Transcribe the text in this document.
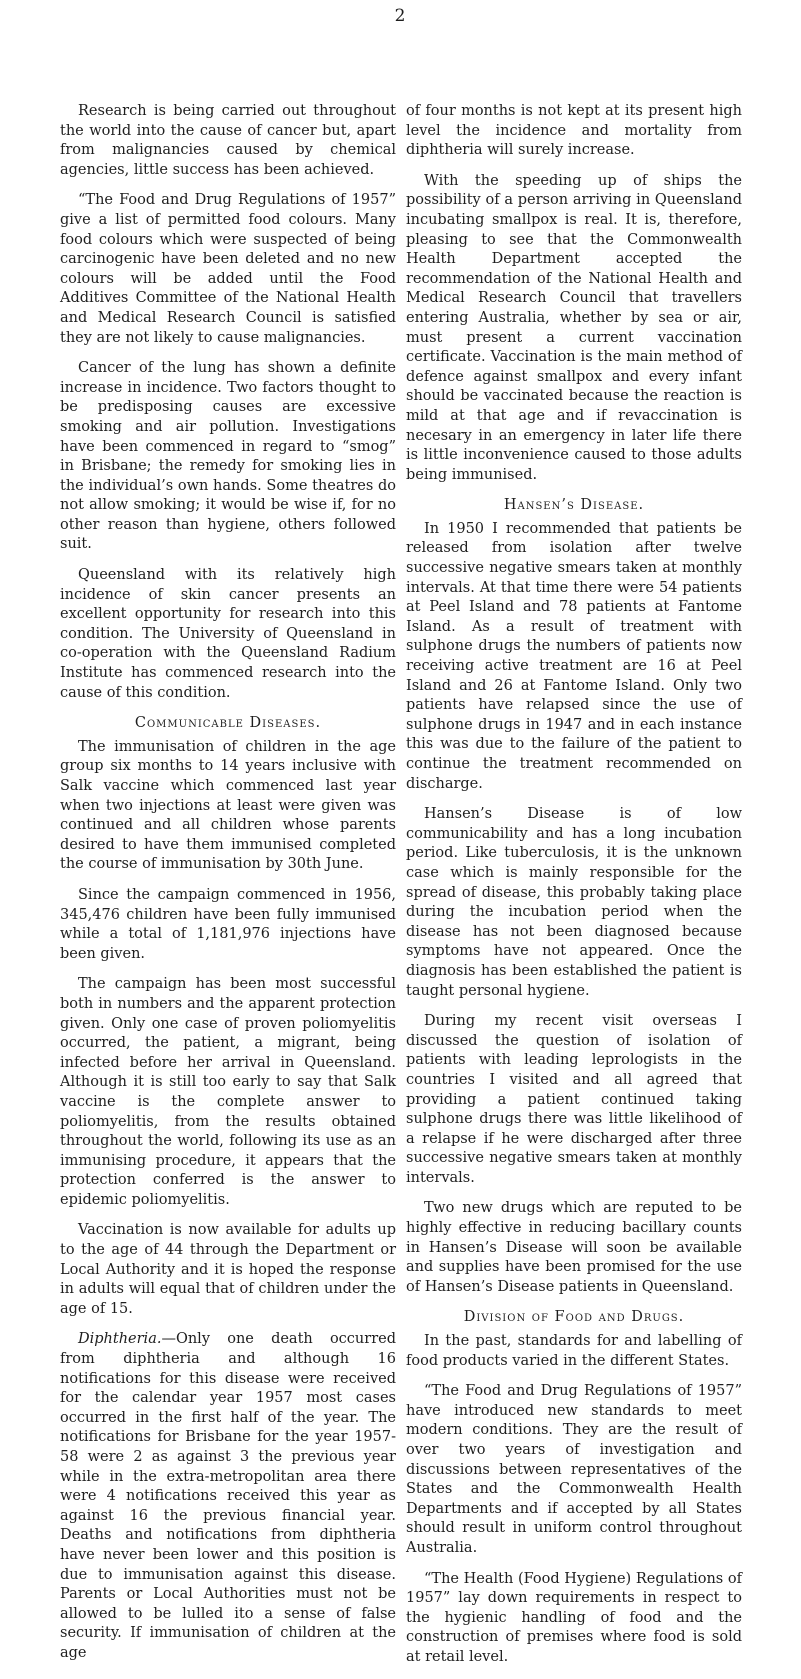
2

Research is being carried out throughout the world into the cause of cancer but, apart from malignancies caused by chemical agencies, little success has been achieved.

“The Food and Drug Regulations of 1957” give a list of permitted food colours. Many food colours which were suspected of being carcinogenic have been deleted and no new colours will be added until the Food Additives Committee of the National Health and Medical Research Council is satisfied they are not likely to cause malignancies.

Cancer of the lung has shown a definite increase in incidence. Two factors thought to be predisposing causes are excessive smoking and air pollution. Investigations have been commenced in regard to “smog” in Brisbane; the remedy for smoking lies in the individual’s own hands. Some theatres do not allow smoking; it would be wise if, for no other reason than hygiene, others followed suit.

Queensland with its relatively high incidence of skin cancer presents an excellent opportunity for research into this condition. The University of Queensland in co-operation with the Queensland Radium Institute has commenced research into the cause of this condition.

Communicable Diseases.

The immunisation of children in the age group six months to 14 years inclusive with Salk vaccine which commenced last year when two injections at least were given was continued and all children whose parents desired to have them immunised completed the course of immunisation by 30th June.

Since the campaign commenced in 1956, 345,476 children have been fully immunised while a total of 1,181,976 injections have been given.

The campaign has been most successful both in numbers and the apparent protection given. Only one case of proven poliomyelitis occurred, the patient, a migrant, being infected before her arrival in Queensland. Although it is still too early to say that Salk vaccine is the complete answer to poliomyelitis, from the results obtained throughout the world, following its use as an immunising procedure, it appears that the protection conferred is the answer to epidemic poliomyelitis.

Vaccination is now available for adults up to the age of 44 through the Department or Local Authority and it is hoped the response in adults will equal that of children under the age of 15.

Diphtheria.—Only one death occurred from diphtheria and although 16 notifications for this disease were received for the calendar year 1957 most cases occurred in the first half of the year. The notifications for Brisbane for the year 1957-58 were 2 as against 3 the previous year while in the extra-metropolitan area there were 4 notifications received this year as against 16 the previous financial year. Deaths and notifications from diphtheria have never been lower and this position is due to immunisation against this disease. Parents or Local Authorities must not be allowed to be lulled ito a sense of false security. If immunisation of children at the age

of four months is not kept at its present high level the incidence and mortality from diphtheria will surely increase.

With the speeding up of ships the possibility of a person arriving in Queensland incubating smallpox is real. It is, therefore, pleasing to see that the Commonwealth Health Department accepted the recommendation of the National Health and Medical Research Council that travellers entering Australia, whether by sea or air, must present a current vaccination certificate. Vaccination is the main method of defence against smallpox and every infant should be vaccinated because the reaction is mild at that age and if revaccination is necesary in an emergency in later life there is little inconvenience caused to those adults being immunised.

Hansen’s Disease.

In 1950 I recommended that patients be released from isolation after twelve successive negative smears taken at monthly intervals. At that time there were 54 patients at Peel Island and 78 patients at Fantome Island. As a result of treatment with sulphone drugs the numbers of patients now receiving active treatment are 16 at Peel Island and 26 at Fantome Island. Only two patients have relapsed since the use of sulphone drugs in 1947 and in each instance this was due to the failure of the patient to continue the treatment recommended on discharge.

Hansen’s Disease is of low communicability and has a long incubation period. Like tuberculosis, it is the unknown case which is mainly responsible for the spread of disease, this probably taking place during the incubation period when the disease has not been diagnosed because symptoms have not appeared. Once the diagnosis has been established the patient is taught personal hygiene.

During my recent visit overseas I discussed the question of isolation of patients with leading leprologists in the countries I visited and all agreed that providing a patient continued taking sulphone drugs there was little likelihood of a relapse if he were discharged after three successive negative smears taken at monthly intervals.

Two new drugs which are reputed to be highly effective in reducing bacillary counts in Hansen’s Disease will soon be available and supplies have been promised for the use of Hansen’s Disease patients in Queensland.

Division of Food and Drugs.

In the past, standards for and labelling of food products varied in the different States.

“The Food and Drug Regulations of 1957” have introduced new standards to meet modern conditions. They are the result of over two years of investigation and discussions between representatives of the States and the Commonwealth Health Departments and if accepted by all States should result in uniform control throughout Australia.

“The Health (Food Hygiene) Regulations of 1957” lay down requirements in respect to the hygienic handling of food and the construction of premises where food is sold at retail level.
